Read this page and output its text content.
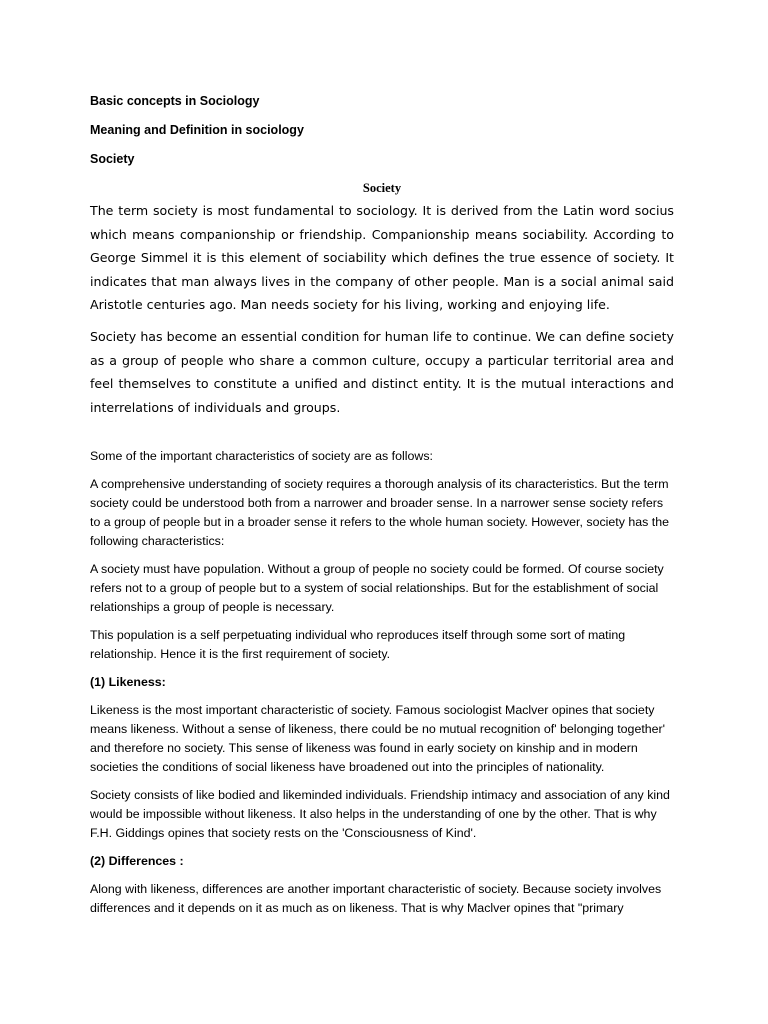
Basic concepts in Sociology
Meaning and Definition in sociology
Society
Society

The term society is most fundamental to sociology. It is derived from the Latin word socius which means companionship or friendship. Companionship means sociability. According to George Simmel it is this element of sociability which defines the true essence of society. It indicates that man always lives in the company of other people. Man is a social animal said Aristotle centuries ago. Man needs society for his living, working and enjoying life.

Society has become an essential condition for human life to continue. We can define society as a group of people who share a common culture, occupy a particular territorial area and feel themselves to constitute a unified and distinct entity. It is the mutual interactions and interrelations of individuals and groups.

Some of the important characteristics of society are as follows:

A comprehensive understanding of society requires a thorough analysis of its characteristics. But the term society could be understood both from a narrower and broader sense. In a narrower sense society refers to a group of people but in a broader sense it refers to the whole human society. However, society has the following characteristics:

A society must have population. Without a group of people no society could be formed. Of course society refers not to a group of people but to a system of social relationships. But for the establishment of social relationships a group of people is necessary.

This population is a self perpetuating individual who reproduces itself through some sort of mating relationship. Hence it is the first requirement of society.

(1) Likeness:

Likeness is the most important characteristic of society. Famous sociologist Maclver opines that society means likeness. Without a sense of likeness, there could be no mutual recognition of' belonging together' and therefore no society. This sense of likeness was found in early society on kinship and in modern societies the conditions of social likeness have broadened out into the principles of nationality.

Society consists of like bodied and likeminded individuals. Friendship intimacy and association of any kind would be impossible without likeness. It also helps in the understanding of one by the other. That is why F.H. Giddings opines that society rests on the 'Consciousness of Kind'.

(2) Differences :

Along with likeness, differences are another important characteristic of society. Because society involves differences and it depends on it as much as on likeness. That is why Maclver opines that "primary
